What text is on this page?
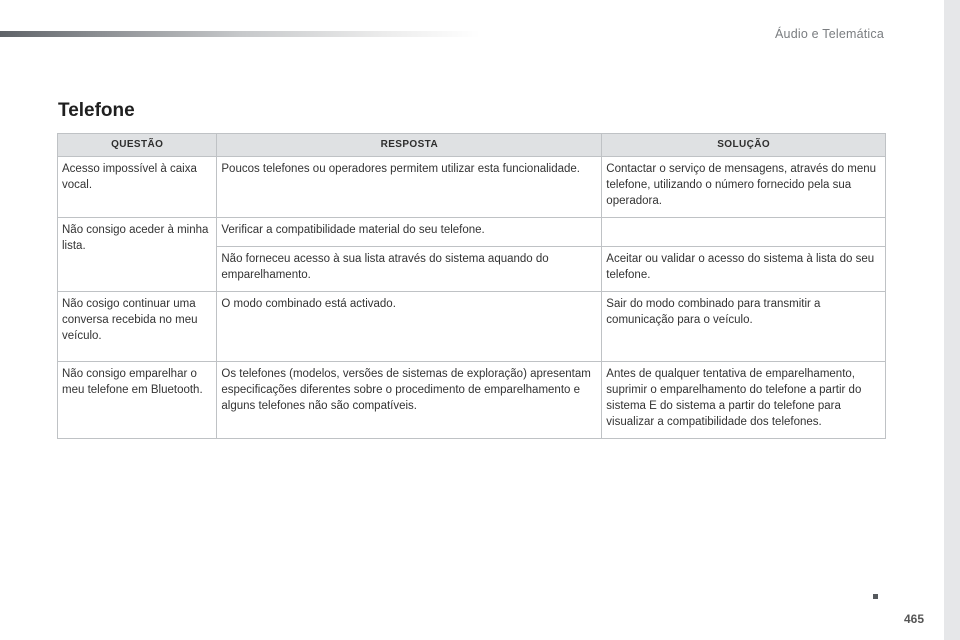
Áudio e Telemática
Telefone
QUESTÃO	RESPOSTA	SOLUÇÃO
Acesso impossível à caixa vocal.	Poucos telefones ou operadores permitem utilizar esta funcionalidade.	Contactar o serviço de mensagens, através do menu telefone, utilizando o número fornecido pela sua operadora.
Não consigo aceder à minha lista.	Verificar a compatibilidade material do seu telefone.	
	Não forneceu acesso à sua lista através do sistema aquando do emparelhamento.	Aceitar ou validar o acesso do sistema à lista do seu telefone.
Não cosigo continuar uma conversa recebida no meu veículo.	O modo combinado está activado.	Sair do modo combinado para transmitir a comunicação para o veículo.
Não consigo emparelhar o meu telefone em Bluetooth.	Os telefones (modelos, versões de sistemas de exploração) apresentam especificações diferentes sobre o procedimento de emparelhamento e alguns telefones não são compatíveis.	Antes de qualquer tentativa de emparelhamento, suprimir o emparelhamento do telefone a partir do sistema E do sistema a partir do telefone para visualizar a compatibilidade dos telefones.
465
